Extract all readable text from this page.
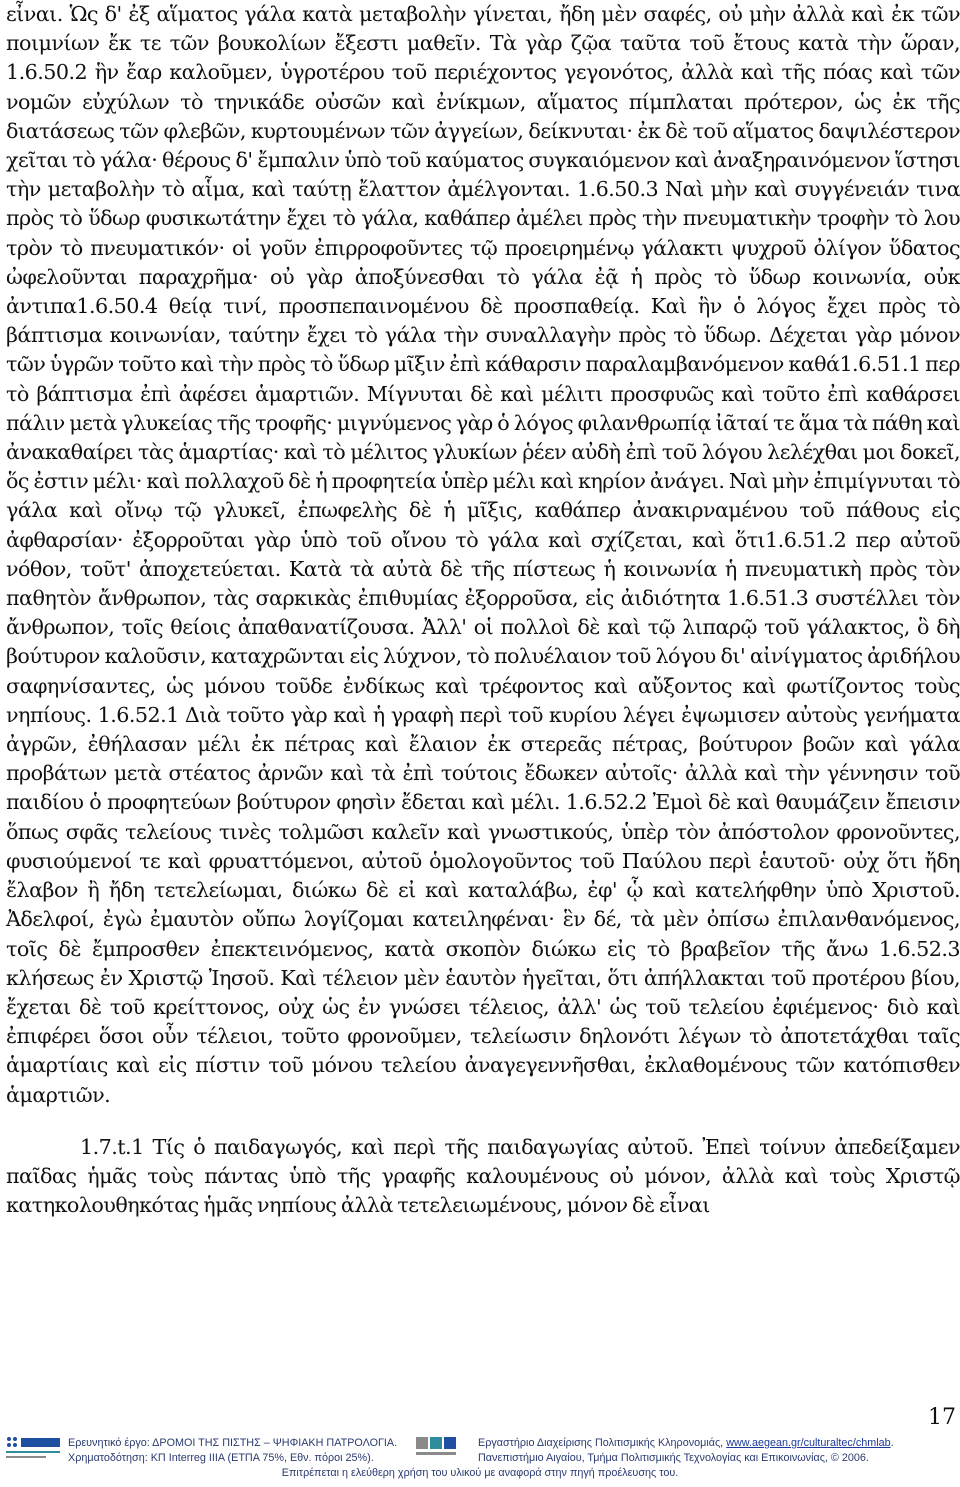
εἶναι. Ὡς δ' ἐξ αἵματος γάλα κατὰ μεταβολὴν γίνεται, ἤδη μὲν σαφές, οὐ μὴν ἀλλὰ καὶ ἐκ τῶν ποιμνίων ἔκ τε τῶν βουκολίων ἔξεστι μαθεῖν. Τὰ γὰρ ζῷα ταῦτα τοῦ ἔτους κατὰ τὴν ὥραν, 1.6.50.2 ἣν ἔαρ καλοῦμεν, ὑγροτέρου τοῦ περιέχοντος γεγονότος, ἀλλὰ καὶ τῆς πόας καὶ τῶν νομῶν εὐχύλων τὸ τηνικάδε οὐσῶν καὶ ἐνίκμων, αἵματος πίμπλαται πρότερον, ὡς ἐκ τῆς διατάσεως τῶν φλεβῶν, κυρτουμένων τῶν ἀγγείων, δείκνυται· ἐκ δὲ τοῦ αἵματος δαψιλέστερον χεῖται τὸ γάλα· θέρους δ' ἔμπαλιν ὑπὸ τοῦ καύματος συγκαιόμενον καὶ ἀναξηραινόμενον ἵστησι τὴν μεταβολὴν τὸ αἷμα, καὶ ταύτῃ ἔλαττον ἀμέλγονται. 1.6.50.3 Ναὶ μὴν καὶ συγγένειάν τινα πρὸς τὸ ὕδωρ φυσικωτάτην ἔχει τὸ γάλα, καθάπερ ἀμέλει πρὸς τὴν πνευματικὴν τροφὴν τὸ λου τρὸν τὸ πνευματικόν· οἱ γοῦν ἐπιρροφοῦντες τῷ προειρημένῳ γάλακτι ψυχροῦ ὀλίγον ὕδατος ὠφελοῦνται παραχρῆμα· οὐ γὰρ ἀποξύνεσθαι τὸ γάλα ἐᾷ ἡ πρὸς τὸ ὕδωρ κοινωνία, οὐκ ἀντιπα1.6.50.4 θείᾳ τινί, προσπεπαινομένου δὲ προσπαθείᾳ. Καὶ ἣν ὁ λόγος ἔχει πρὸς τὸ βάπτισμα κοινωνίαν, ταύτην ἔχει τὸ γάλα τὴν συναλλαγὴν πρὸς τὸ ὕδωρ. Δέχεται γὰρ μόνον τῶν ὑγρῶν τοῦτο καὶ τὴν πρὸς τὸ ὕδωρ μῖξιν ἐπὶ κάθαρσιν παραλαμβανόμενον καθά1.6.51.1 περ τὸ βάπτισμα ἐπὶ ἀφέσει ἁμαρτιῶν. Μίγνυται δὲ καὶ μέλιτι προσφυῶς καὶ τοῦτο ἐπὶ καθάρσει πάλιν μετὰ γλυκείας τῆς τροφῆς· μιγνύμενος γὰρ ὁ λόγος φιλανθρωπίᾳ ἰᾶταί τε ἅμα τὰ πάθη καὶ ἀνακαθαίρει τὰς ἁμαρτίας· καὶ τὸ μέλιτος γλυκίων ῥέεν αὐδὴ ἐπὶ τοῦ λόγου λελέχθαι μοι δοκεῖ, ὅς ἐστιν μέλι· καὶ πολλαχοῦ δὲ ἡ προφητεία ὑπὲρ μέλι καὶ κηρίον ἀνάγει. Ναὶ μὴν ἐπιμίγνυται τὸ γάλα καὶ οἴνῳ τῷ γλυκεῖ, ἐπωφελὴς δὲ ἡ μῖξις, καθάπερ ἀνακιρναμένου τοῦ πάθους εἰς ἀφθαρσίαν· ἐξορροῦται γὰρ ὑπὸ τοῦ οἴνου τὸ γάλα καὶ σχίζεται, καὶ ὅτι1.6.51.2 περ αὐτοῦ νόθον, τοῦτ' ἀποχετεύεται. Κατὰ τὰ αὐτὰ δὲ τῆς πίστεως ἡ κοινωνία ἡ πνευματικὴ πρὸς τὸν παθητὸν ἄνθρωπον, τὰς σαρκικὰς ἐπιθυμίας ἐξορροῦσα, εἰς ἀιδιότητα 1.6.51.3 συστέλλει τὸν ἄνθρωπον, τοῖς θείοις ἀπαθανατίζουσα. Ἀλλ' οἱ πολλοὶ δὲ καὶ τῷ λιπαρῷ τοῦ γάλακτος, ὃ δὴ βούτυρον καλοῦσιν, καταχρῶνται εἰς λύχνον, τὸ πολυέλαιον τοῦ λόγου δι' αἰνίγματος ἀριδήλου σαφηνίσαντες, ὡς μόνου τοῦδε ἐνδίκως καὶ τρέφοντος καὶ αὔξοντος καὶ φωτίζοντος τοὺς νηπίους. 1.6.52.1 Διὰ τοῦτο γὰρ καὶ ἡ γραφὴ περὶ τοῦ κυρίου λέγει ἐψωμισεν αὐτοὺς γενήματα ἀγρῶν, ἐθήλασαν μέλι ἐκ πέτρας καὶ ἔλαιον ἐκ στερεᾶς πέτρας, βούτυρον βοῶν καὶ γάλα προβάτων μετὰ στέατος ἀρνῶν καὶ τὰ ἐπὶ τούτοις ἔδωκεν αὐτοῖς· ἀλλὰ καὶ τὴν γέννησιν τοῦ παιδίου ὁ προφητεύων βούτυρον φησὶν ἔδεται καὶ μέλι. 1.6.52.2 Ἐμοὶ δὲ καὶ θαυμάζειν ἔπεισιν ὅπως σφᾶς τελείους τινὲς τολμῶσι καλεῖν καὶ γνωστικούς, ὑπὲρ τὸν ἀπόστολον φρονοῦντες, φυσιούμενοί τε καὶ φρυαττόμενοι, αὐτοῦ ὁμολογοῦντος τοῦ Παύλου περὶ ἑαυτοῦ· οὐχ ὅτι ἤδη ἔλαβον ἢ ἤδη τετελείωμαι, διώκω δὲ εἰ καὶ καταλάβω, ἐφ' ᾧ καὶ κατελήφθην ὑπὸ Χριστοῦ. Ἀδελφοί, ἐγὼ ἐμαυτὸν οὔπω λογίζομαι κατειληφέναι· ἓν δέ, τὰ μὲν ὀπίσω ἐπιλανθανόμενος, τοῖς δὲ ἔμπροσθεν ἐπεκτεινόμενος, κατὰ σκοπὸν διώκω εἰς τὸ βραβεῖον τῆς ἄνω 1.6.52.3 κλήσεως ἐν Χριστῷ Ἰησοῦ. Καὶ τέλειον μὲν ἑαυτὸν ἡγεῖται, ὅτι ἀπήλλακται τοῦ προτέρου βίου, ἔχεται δὲ τοῦ κρείττονος, οὐχ ὡς ἐν γνώσει τέλειος, ἀλλ' ὡς τοῦ τελείου ἐφιέμενος· διὸ καὶ ἐπιφέρει ὅσοι οὖν τέλειοι, τοῦτο φρονοῦμεν, τελείωσιν δηλονότι λέγων τὸ ἀποτετάχθαι ταῖς ἁμαρτίαις καὶ εἰς πίστιν τοῦ μόνου τελείου ἀναγεγεννῆσθαι, ἐκλαθομένους τῶν κατόπισθεν ἁμαρτιῶν.

1.7.t.1 Τίς ὁ παιδαγωγός, καὶ περὶ τῆς παιδαγωγίας αὐτοῦ. Ἐπεὶ τοίνυν ἀπεδείξαμεν παῖδας ἡμᾶς τοὺς πάντας ὑπὸ τῆς γραφῆς καλουμένους οὐ μόνον, ἀλλὰ καὶ τοὺς Χριστῷ κατηκολουθηκότας ἡμᾶς νηπίους ἀλλὰ τετελειωμένους, μόνον δὲ εἶναι

17
Ερευνητικό έργο: ΔΡΟΜΟΙ ΤΗΣ ΠΙΣΤΗΣ – ΨΗΦΙΑΚΗ ΠΑΤΡΟΛΟΓΙΑ.
Χρηματοδότηση: ΚΠ Interreg IIIA (ΕΤΠΑ 75%, Εθν. πόροι 25%).
Εργαστήριο Διαχείρισης Πολιτισμικής Κληρονομιάς, www.aegean.gr/culturaltec/chmlab.
Πανεπιστήμιο Αιγαίου, Τμήμα Πολιτισμικής Τεχνολογίας και Επικοινωνίας, © 2006.
Επιτρέπεται η ελεύθερη χρήση του υλικού με αναφορά στην πηγή προέλευσης του.
